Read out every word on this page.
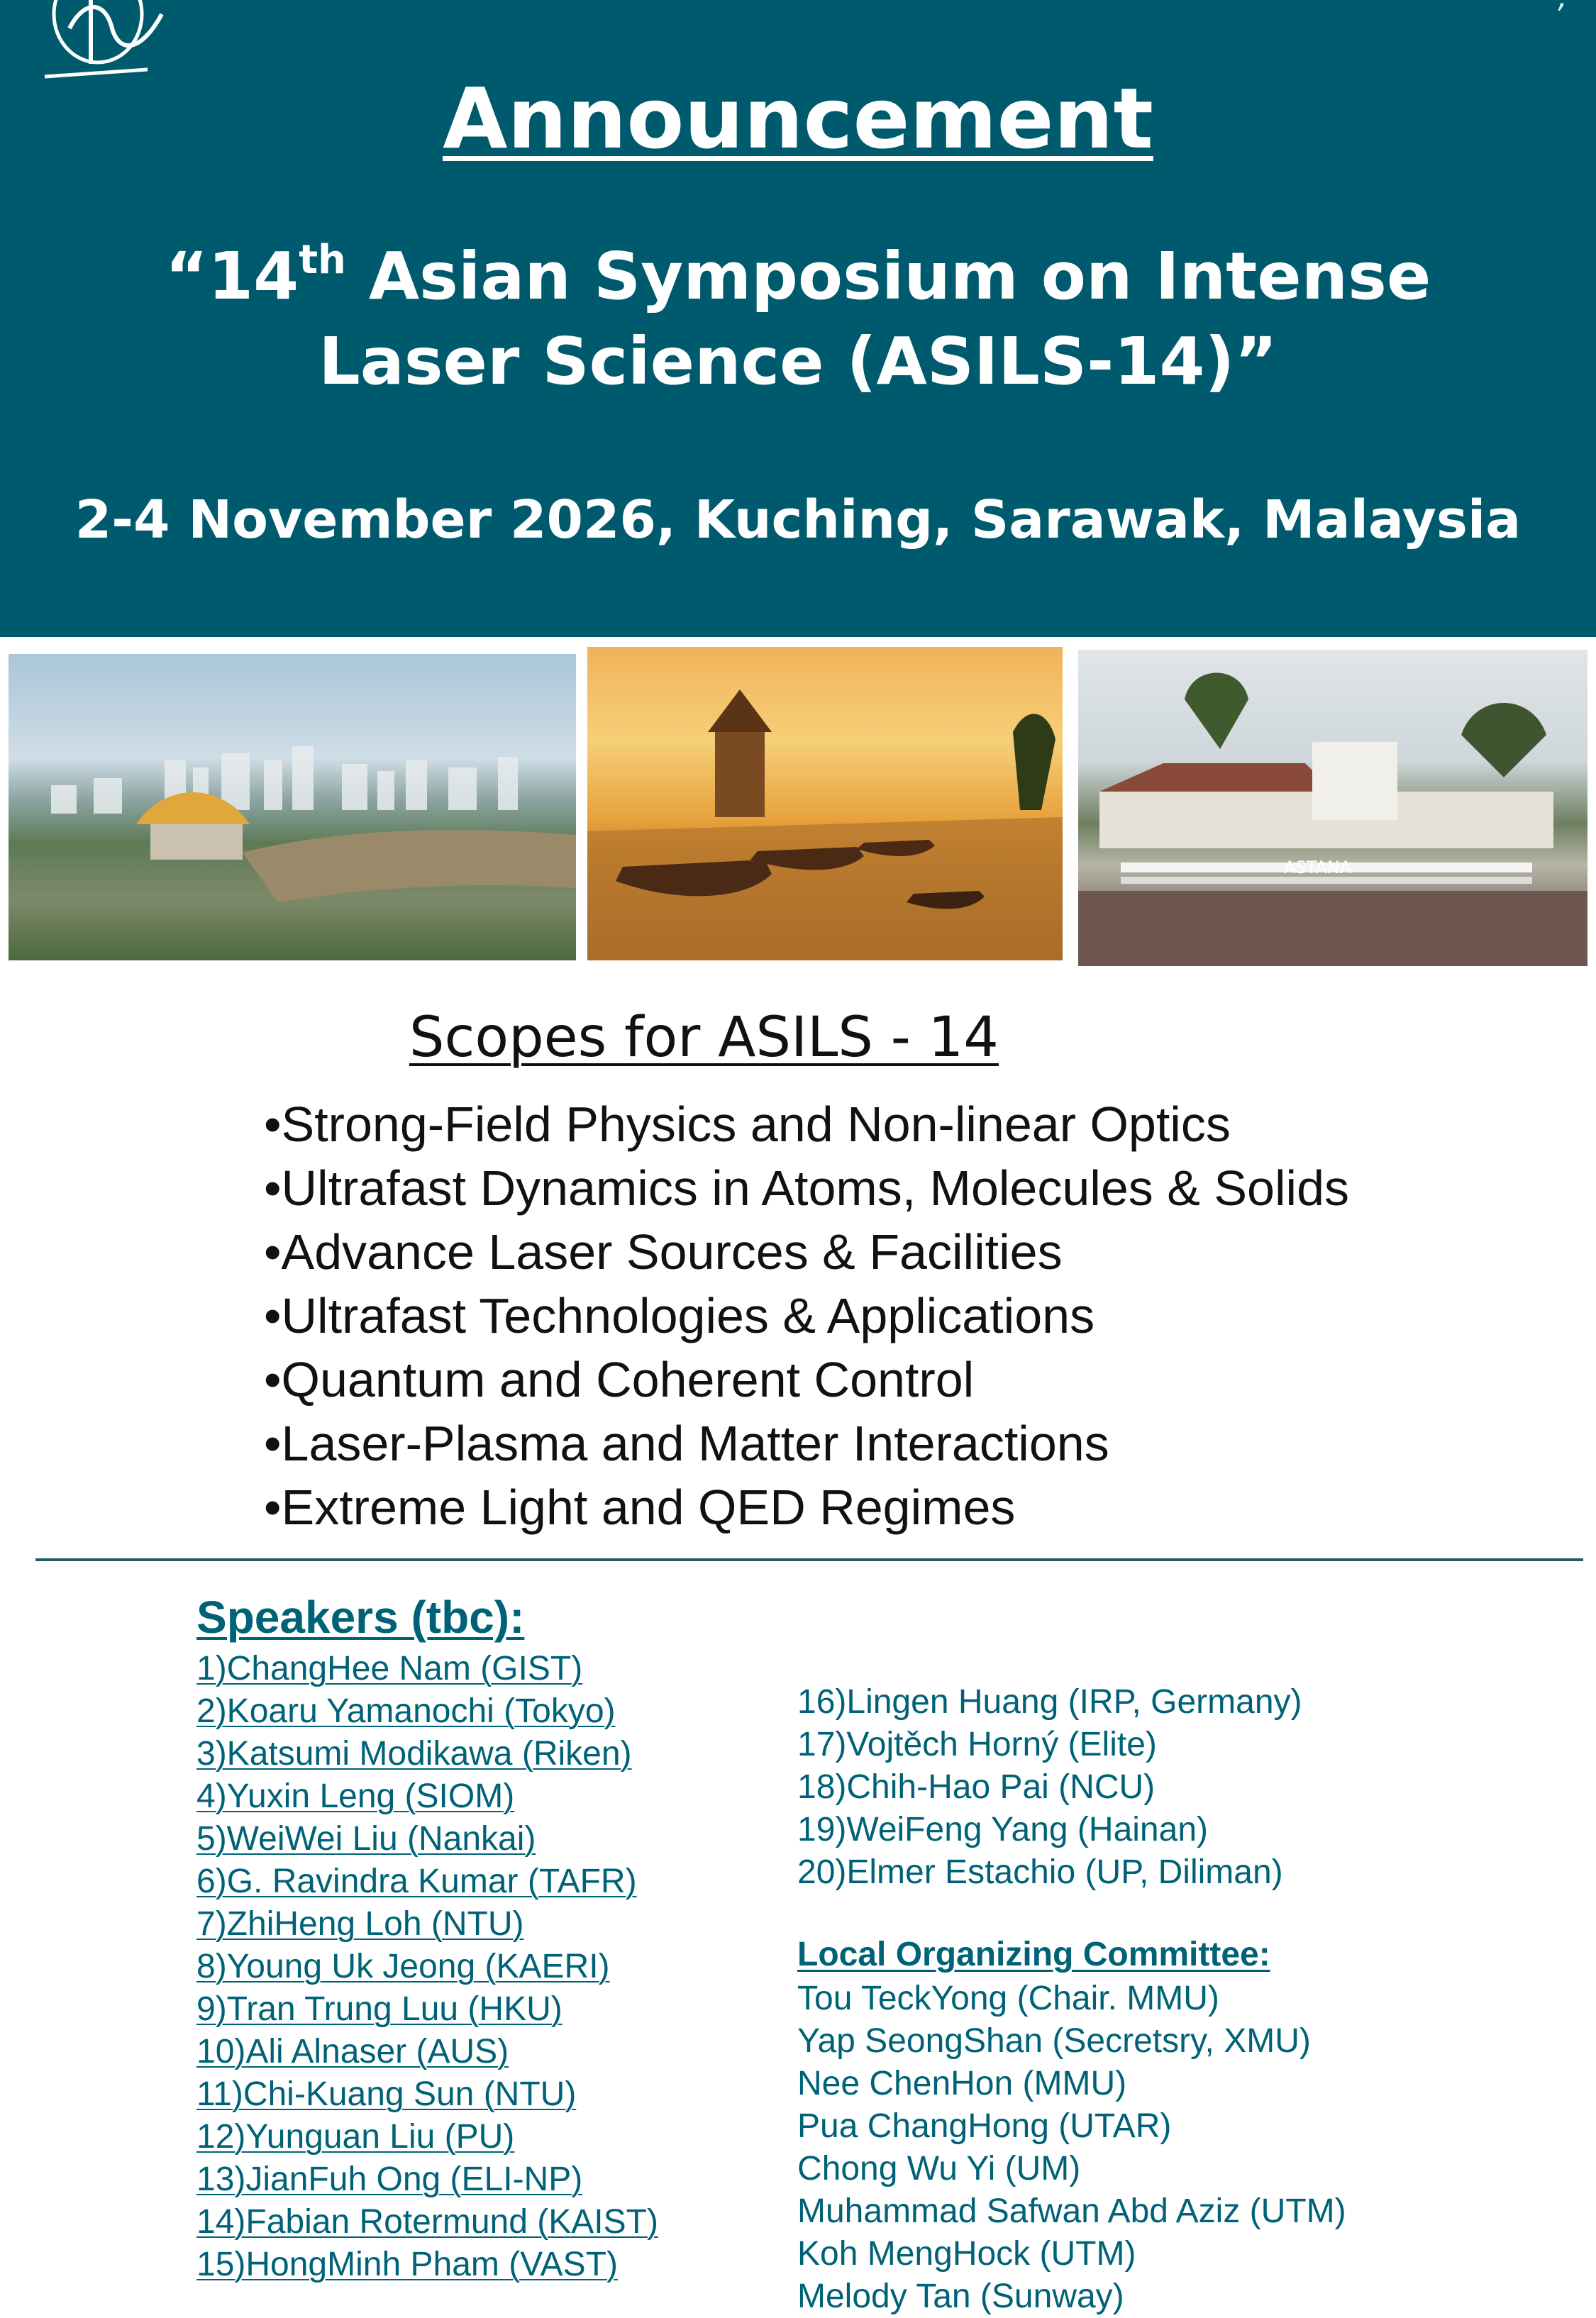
Announcement
“14th Asian Symposium on Intense
Laser Science (ASILS-14)”
2-4 November 2026, Kuching, Sarawak, Malaysia
ASTANA
Scopes for ASILS - 14
•Strong-Field Physics and Non-linear Optics
•Ultrafast Dynamics in Atoms, Molecules & Solids
•Advance Laser Sources & Facilities
•Ultrafast Technologies & Applications
•Quantum and Coherent Control
•Laser-Plasma and Matter Interactions
•Extreme Light and QED Regimes
Speakers (tbc):
1)ChangHee Nam (GIST)
2)Koaru Yamanochi (Tokyo)
3)Katsumi Modikawa (Riken)
4)Yuxin Leng (SIOM)
5)WeiWei Liu (Nankai)
6)G. Ravindra Kumar (TAFR)
7)ZhiHeng Loh (NTU)
8)Young Uk Jeong (KAERI)
9)Tran Trung Luu (HKU)
10)Ali Alnaser (AUS)
11)Chi-Kuang Sun (NTU)
12)Yunguan Liu (PU)
13)JianFuh Ong (ELI-NP)
14)Fabian Rotermund (KAIST)
15)HongMinh Pham (VAST)
16)Lingen Huang (IRP, Germany)
17)Vojtěch Horný (Elite)
18)Chih-Hao Pai (NCU)
19)WeiFeng Yang (Hainan)
20)Elmer Estachio (UP, Diliman)
Local Organizing Committee:
Tou TeckYong (Chair. MMU)
Yap SeongShan (Secretsry, XMU)
Nee ChenHon (MMU)
Pua ChangHong (UTAR)
Chong Wu Yi (UM)
Muhammad Safwan Abd Aziz (UTM)
Koh MengHock (UTM)
Melody Tan (Sunway)
